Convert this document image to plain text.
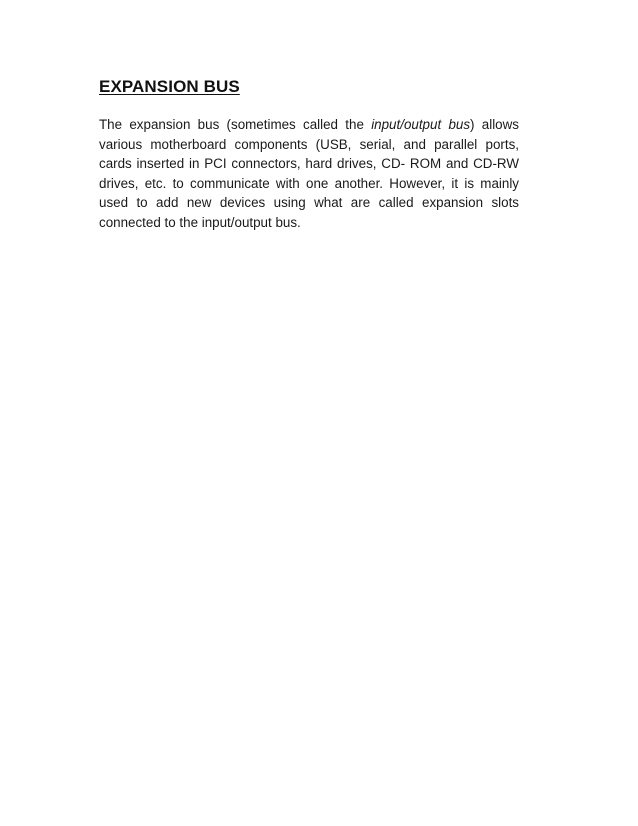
EXPANSION BUS

The expansion bus (sometimes called the input/output bus) allows various motherboard components (USB, serial, and parallel ports, cards inserted in PCI connectors, hard drives, CD- ROM and CD-RW drives, etc. to communicate with one another. However, it is mainly used to add new devices using what are called expansion slots connected to the input/output bus.
